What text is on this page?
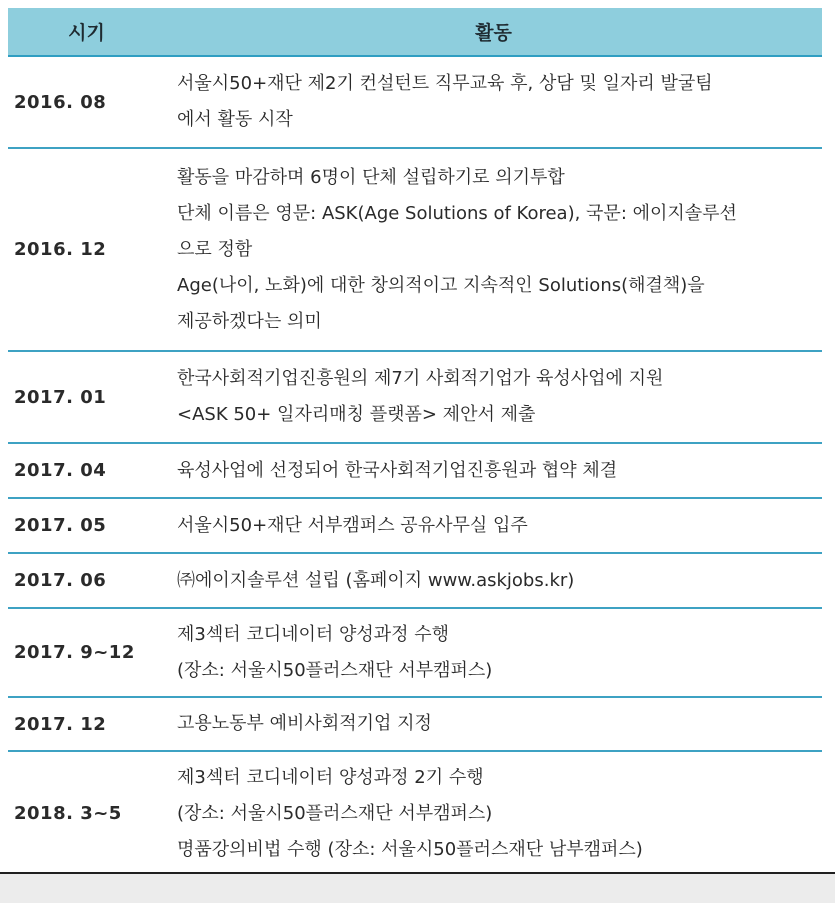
시기	활동
2016. 08	서울시50+재단 제2기 컨설턴트 직무교육 후, 상담 및 일자리 발굴팀
에서 활동 시작

2016. 12	활동을 마감하며 6명이 단체 설립하기로 의기투합
단체 이름은 영문: ASK(Age Solutions of Korea), 국문: 에이지솔루션
으로 정함
Age(나이, 노화)에 대한 창의적이고 지속적인 Solutions(해결책)을
제공하겠다는 의미

2017. 01	한국사회적기업진흥원의 제7기 사회적기업가 육성사업에 지원
<ASK 50+ 일자리매칭 플랫폼> 제안서 제출

2017. 04	육성사업에 선정되어 한국사회적기업진흥원과 협약 체결

2017. 05	서울시50+재단 서부캠퍼스 공유사무실 입주

2017. 06	㈜에이지솔루션 설립 (홈페이지 www.askjobs.kr)

2017. 9~12	제3섹터 코디네이터 양성과정 수행
(장소: 서울시50플러스재단 서부캠퍼스)

2017. 12	고용노동부 예비사회적기업 지정

2018. 3~5	제3섹터 코디네이터 양성과정 2기 수행
(장소: 서울시50플러스재단 서부캠퍼스)
명품강의비법 수행 (장소: 서울시50플러스재단 남부캠퍼스)
